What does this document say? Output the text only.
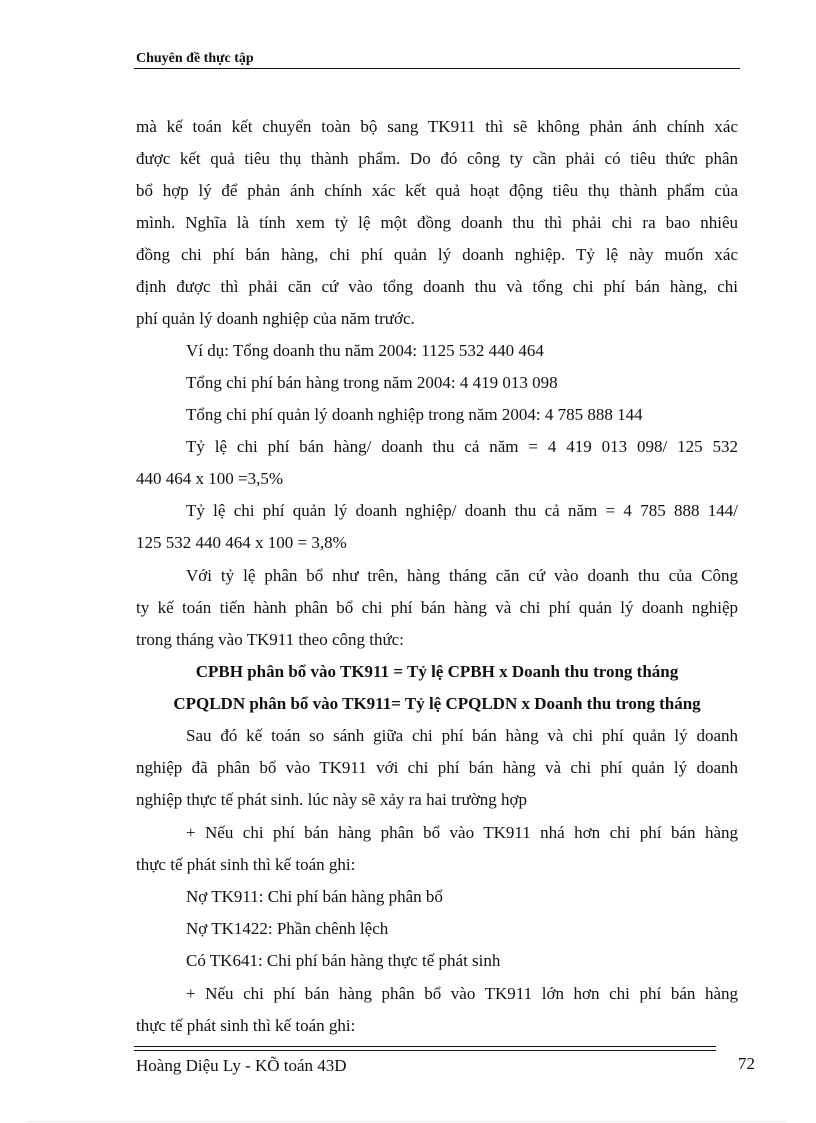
Chuyên đề thực tập
mà kế toán kết chuyển toàn bộ sang TK911 thì sẽ không phản ánh chính xác
được kết quả tiêu thụ thành phẩm. Do đó công ty cần phải có tiêu thức phân
bổ hợp lý để phản ánh chính xác kết quả hoạt động tiêu thụ thành phẩm của
mình. Nghĩa là tính xem tỷ lệ một đồng doanh thu thì phải chi ra bao nhiêu
đồng chi phí bán hàng, chi phí quản lý doanh nghiệp. Tỷ lệ này muốn xác
định được thì phải căn cứ vào tổng doanh thu và tổng chi phí bán hàng, chi
phí quản lý doanh nghiệp của năm trước.
Ví dụ: Tổng doanh thu năm 2004: 1125 532 440 464
Tổng chi phí bán hàng trong năm 2004: 4 419 013 098
Tổng chi phí quản lý doanh nghiệp trong năm 2004: 4 785 888 144
Tỷ lệ chi phí bán hàng/ doanh thu cả năm = 4 419 013 098/ 125 532
440 464 x 100 =3,5%
Tỷ lệ chi phí quản lý doanh nghiệp/ doanh thu cả năm = 4 785 888 144/
125 532 440 464 x 100 = 3,8%
Với tỷ lệ phân bổ như trên, hàng tháng căn cứ vào doanh thu của Công
ty kế toán tiến hành phân bổ chi phí bán hàng và chi phí quản lý doanh nghiệp
trong tháng vào TK911 theo công thức:
CPBH phân bổ vào TK911 = Tỷ lệ CPBH x Doanh thu trong tháng
CPQLDN phân bổ vào TK911= Tỷ lệ CPQLDN x Doanh thu trong tháng
Sau đó kế toán so sánh giữa chi phí bán hàng và chi phí quản lý doanh
nghiệp đã phân bổ vào TK911 với chi phí bán hàng và chi phí quản lý doanh
nghiệp thực tế phát sinh. lúc này sẽ xảy ra hai trường hợp
+ Nếu chi phí bán hàng phân bổ vào TK911 nhá hơn chi phí bán hàng
thực tế phát sinh thì kế toán ghi:
Nợ TK911: Chi phí bán hàng phân bổ
Nợ TK1422: Phần chênh lệch
Có TK641: Chi phí bán hàng thực tế phát sinh
+ Nếu chi phí bán hàng phân bổ vào TK911 lớn hơn chi phí bán hàng
thực tế phát sinh thì kế toán ghi:
Hoàng Diệu Ly - KÕ toán 43D	72
